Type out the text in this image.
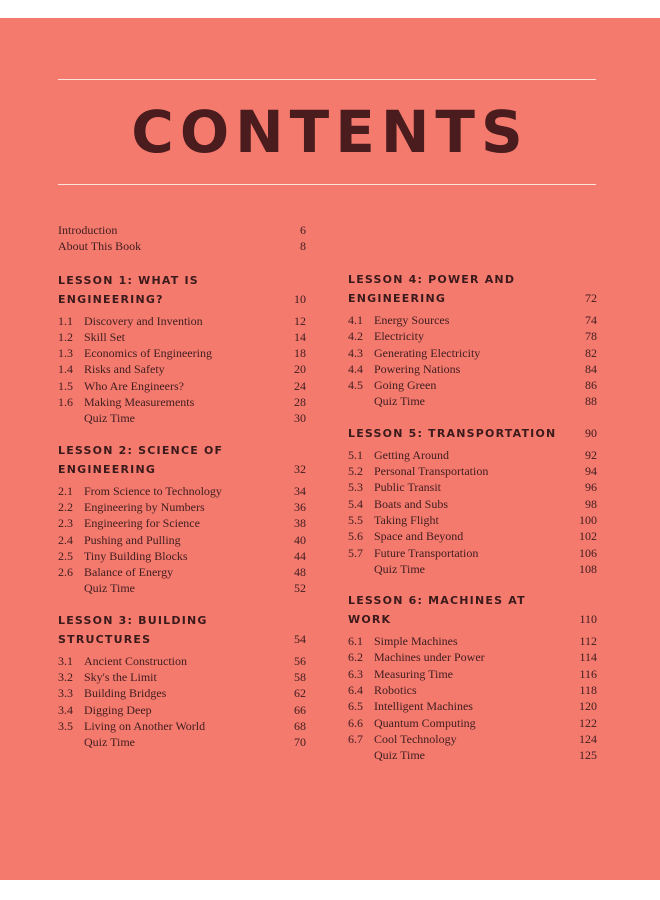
CONTENTS
Introduction	6
About This Book	8
LESSON 1: WHAT IS
ENGINEERING?	10
1.1 Discovery and Invention	12
1.2 Skill Set	14
1.3 Economics of Engineering	18
1.4 Risks and Safety	20
1.5 Who Are Engineers?	24
1.6 Making Measurements	28
Quiz Time	30
LESSON 2: SCIENCE OF
ENGINEERING	32
2.1 From Science to Technology	34
2.2 Engineering by Numbers	36
2.3 Engineering for Science	38
2.4 Pushing and Pulling	40
2.5 Tiny Building Blocks	44
2.6 Balance of Energy	48
Quiz Time	52
LESSON 3: BUILDING
STRUCTURES	54
3.1 Ancient Construction	56
3.2 Sky's the Limit	58
3.3 Building Bridges	62
3.4 Digging Deep	66
3.5 Living on Another World	68
Quiz Time	70
LESSON 4: POWER AND
ENGINEERING	72
4.1 Energy Sources	74
4.2 Electricity	78
4.3 Generating Electricity	82
4.4 Powering Nations	84
4.5 Going Green	86
Quiz Time	88
LESSON 5: TRANSPORTATION	90
5.1 Getting Around	92
5.2 Personal Transportation	94
5.3 Public Transit	96
5.4 Boats and Subs	98
5.5 Taking Flight	100
5.6 Space and Beyond	102
5.7 Future Transportation	106
Quiz Time	108
LESSON 6: MACHINES AT WORK	110
6.1 Simple Machines	112
6.2 Machines under Power	114
6.3 Measuring Time	116
6.4 Robotics	118
6.5 Intelligent Machines	120
6.6 Quantum Computing	122
6.7 Cool Technology	124
Quiz Time	125
